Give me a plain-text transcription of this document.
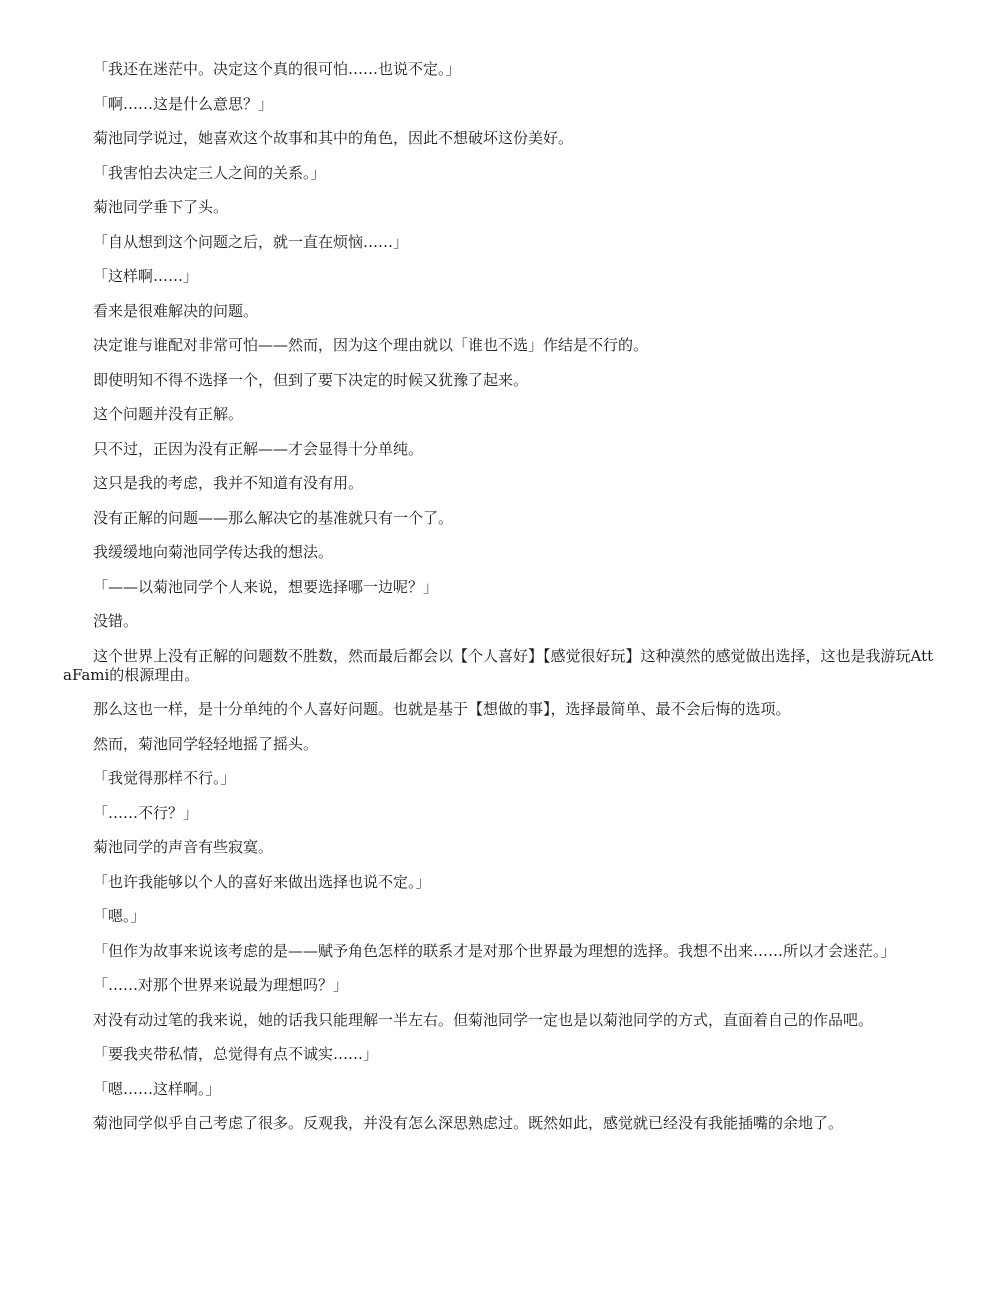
「我还在迷茫中。决定这个真的很可怕……也说不定。」

「啊……这是什么意思？」

菊池同学说过，她喜欢这个故事和其中的角色，因此不想破坏这份美好。

「我害怕去决定三人之间的关系。」

菊池同学垂下了头。

「自从想到这个问题之后，就一直在烦恼……」

「这样啊……」

看来是很难解决的问题。

决定谁与谁配对非常可怕——然而，因为这个理由就以「谁也不选」作结是不行的。

即使明知不得不选择一个，但到了要下决定的时候又犹豫了起来。

这个问题并没有正解。

只不过，正因为没有正解——才会显得十分单纯。

这只是我的考虑，我并不知道有没有用。

没有正解的问题——那么解决它的基准就只有一个了。

我缓缓地向菊池同学传达我的想法。

「——以菊池同学个人来说，想要选择哪一边呢？」

没错。

这个世界上没有正解的问题数不胜数，然而最后都会以【个人喜好】【感觉很好玩】这种漠然的感觉做出选择，这也是我游玩AttaFami的根源理由。

那么这也一样，是十分单纯的个人喜好问题。也就是基于【想做的事】，选择最简单、最不会后悔的选项。

然而，菊池同学轻轻地摇了摇头。

「我觉得那样不行。」

「……不行？」

菊池同学的声音有些寂寞。

「也许我能够以个人的喜好来做出选择也说不定。」

「嗯。」

「但作为故事来说该考虑的是——赋予角色怎样的联系才是对那个世界最为理想的选择。我想不出来……所以才会迷茫。」

「……对那个世界来说最为理想吗？」

对没有动过笔的我来说，她的话我只能理解一半左右。但菊池同学一定也是以菊池同学的方式，直面着自己的作品吧。

「要我夹带私情，总觉得有点不诚实……」

「嗯……这样啊。」

菊池同学似乎自己考虑了很多。反观我，并没有怎么深思熟虑过。既然如此，感觉就已经没有我能插嘴的余地了。
